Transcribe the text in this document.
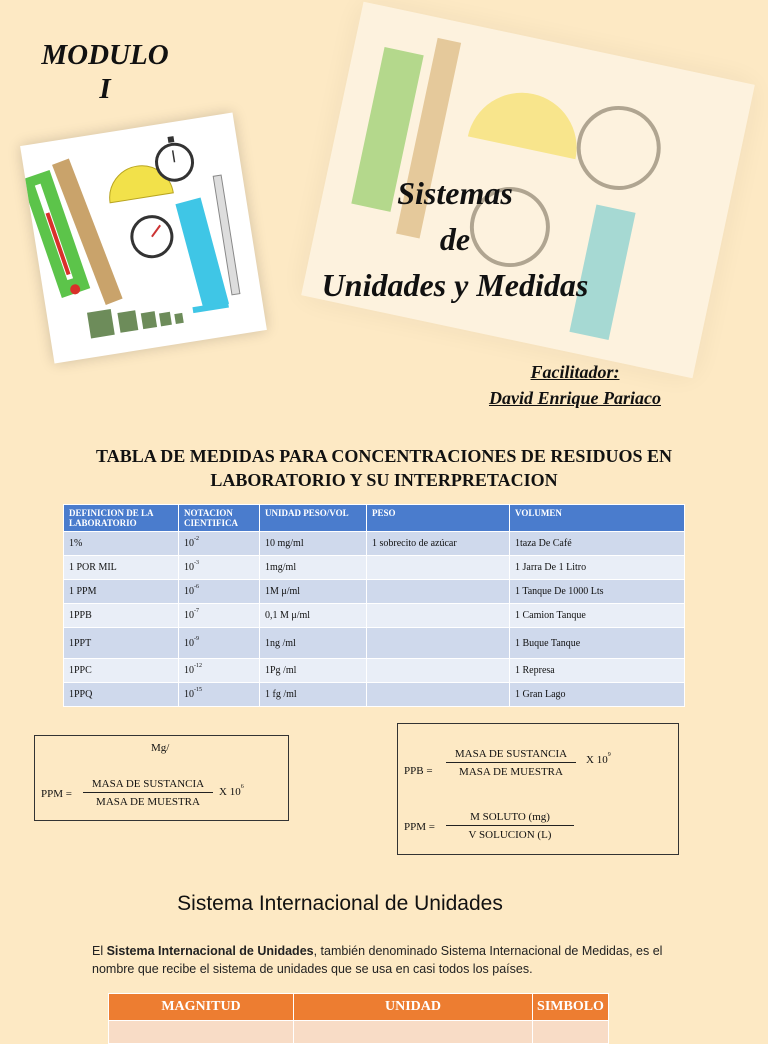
MODULO
I
Sistemas
de
Unidades y Medidas
Facilitador:
David Enrique Pariaco
TABLA DE MEDIDAS PARA CONCENTRACIONES DE RESIDUOS EN LABORATORIO Y SU INTERPRETACION
DEFINICION DE LA LABORATORIO	NOTACION CIENTIFICA	UNIDAD PESO/VOL	PESO	VOLUMEN
1%	$10^{-2}$	10 mg/ml	1 sobrecito de azúcar	1taza De Café
1 POR MIL	$10^{-3}$	1mg/ml		1 Jarra De 1 Litro
1 PPM	$10^{-6}$	1M μ/ml		1 Tanque De 1000 Lts
1PPB	$10^{-7}$	0,1 M μ/ml		1 Camion Tanque
1PPT	$10^{-9}$	1ng /ml		1 Buque Tanque
1PPC	$10^{-12}$	1Pg /ml		1 Represa
1PPQ	$10^{-15}$	1 fg /ml		1 Gran Lago
Mg/
PPM =
MASA DE SUSTANCIA
MASA DE MUESTRA
X $10^6$
PPB =
MASA DE SUSTANCIA
MASA DE MUESTRA
X $10^9$
PPM =
M SOLUTO (mg)
V SOLUCION (L)
Sistema Internacional de Unidades
El Sistema Internacional de Unidades, también denominado Sistema Internacional de Medidas, es el nombre que recibe el sistema de unidades que se usa en casi todos los países.
MAGNITUD	UNIDAD	SIMBOLO
